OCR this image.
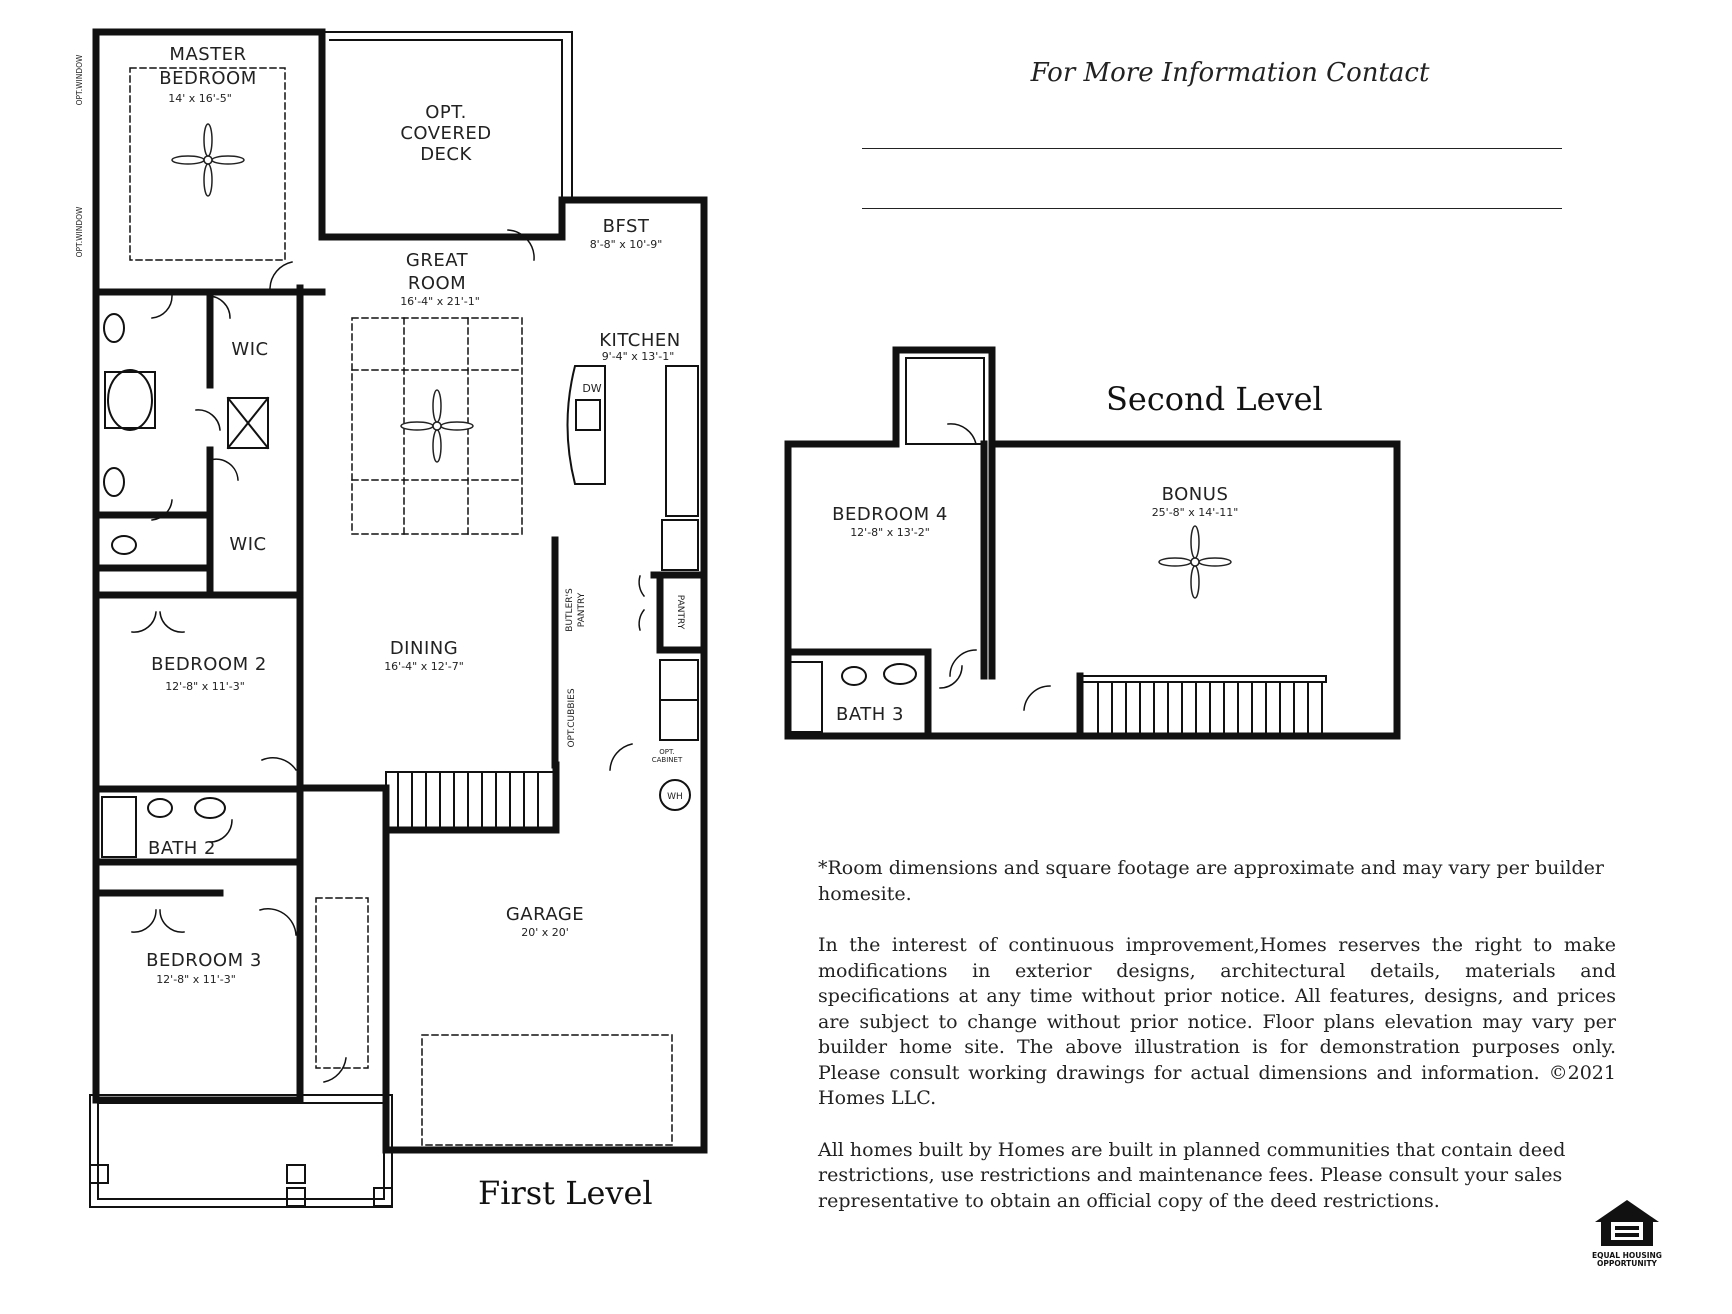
MASTER
BEDROOM
14' x 16'-5"
OPT.
COVERED
DECK
GREAT
ROOM
16'-4" x 21'-1"
BFST
8'-8" x 10'-9"
KITCHEN
9'-4" x 13'-1"
DW
WIC
WIC
DINING
16'-4" x 12'-7"
BEDROOM 2
12'-8" x 11'-3"
BATH 2
BEDROOM 3
12'-8" x 11'-3"
GARAGE
20' x 20'
BUTLER'S PANTRY	PANTRY
OPT.CUBBIES
OPT.
CABINET
WH
OPT.WINDOW
OPT.WINDOW
First Level
BEDROOM 4
12'-8" x 13'-2"
BONUS
25'-8" x 14'-11"
BATH 3
Second Level
For More Information Contact

*Room dimensions and square footage are approximate and may vary per builder homesite.

In the interest of continuous improvement,Homes reserves the right to make modifications in exterior designs, architectural details, materials and specifications at any time without prior notice. All features, designs, and prices are subject to change without prior notice. Floor plans elevation may vary per builder home site. The above illustration is for demonstration purposes only. Please consult working drawings for actual dimensions and information. ©2021 Homes LLC.

All homes built by Homes are built in planned communities that contain deed restrictions, use restrictions and maintenance fees. Please consult your sales representative to obtain an official copy of the deed restrictions.

EQUAL HOUSING
OPPORTUNITY
